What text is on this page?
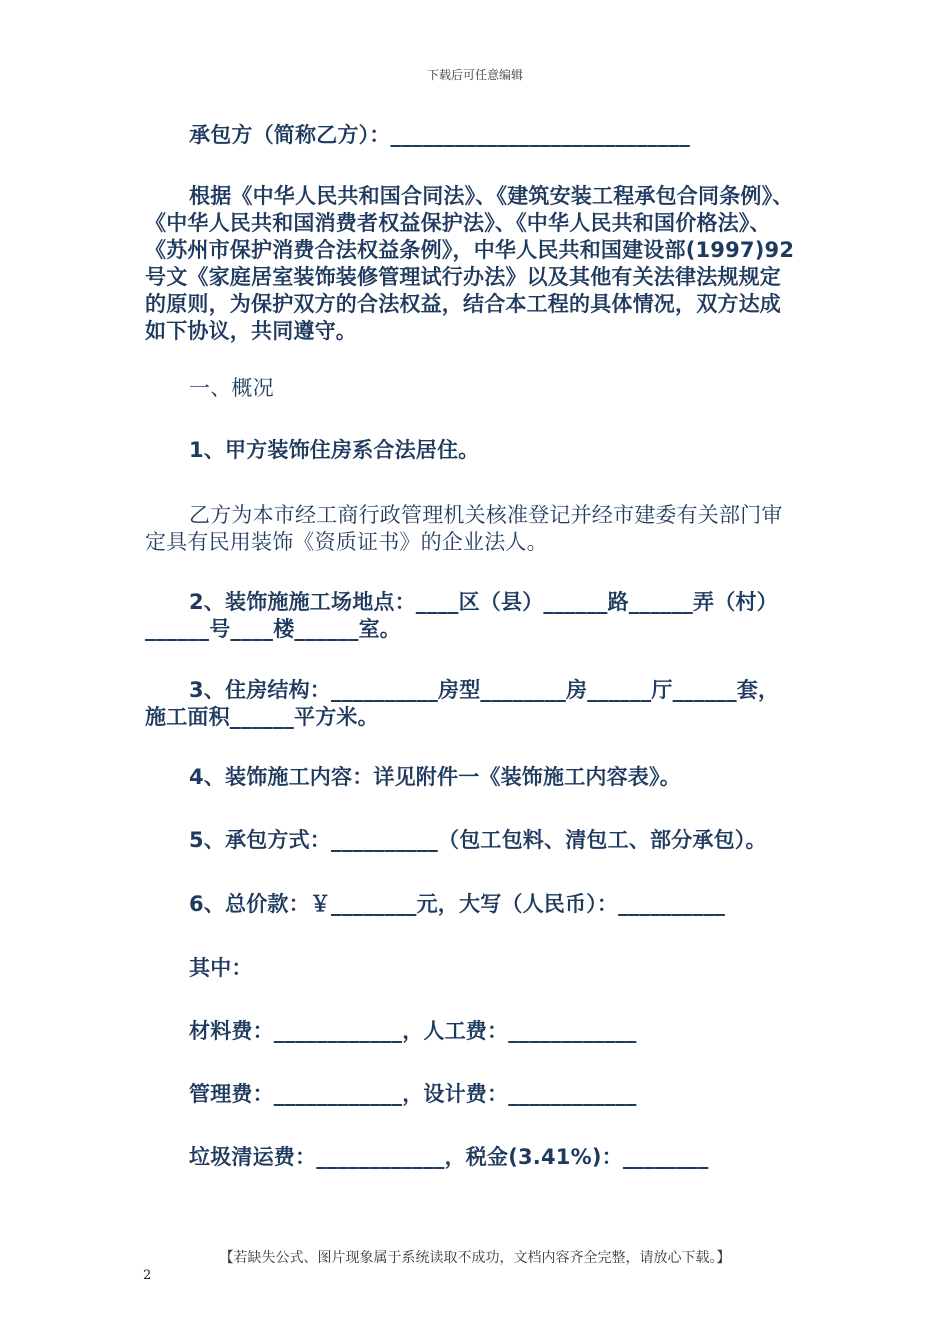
下载后可任意编辑

承包方（简称乙方）：____________________________

根据《中华人民共和国合同法》、《建筑安装工程承包合同条例》、《中华人民共和国消费者权益保护法》、《中华人民共和国价格法》、《苏州市保护消费合法权益条例》，中华人民共和国建设部(1997)92号文《家庭居室装饰装修管理试行办法》以及其他有关法律法规规定的原则，为保护双方的合法权益，结合本工程的具体情况，双方达成如下协议，共同遵守。

一、概况

1、甲方装饰住房系合法居住。

乙方为本市经工商行政管理机关核准登记并经市建委有关部门审定具有民用装饰《资质证书》的企业法人。

2、装饰施施工场地点：____区（县）______路______弄（村）______号____楼______室。

3、住房结构：__________房型________房______厅______套，施工面积______平方米。

4、装饰施工内容：详见附件一《装饰施工内容表》。

5、承包方式：__________（包工包料、清包工、部分承包）。

6、总价款：￥________元，大写（人民币）：__________

其中：

材料费：____________，人工费：____________

管理费：____________，设计费：____________

垃圾清运费：____________，税金(3.41%)：________

【若缺失公式、图片现象属于系统读取不成功，文档内容齐全完整，请放心下载。】
2
